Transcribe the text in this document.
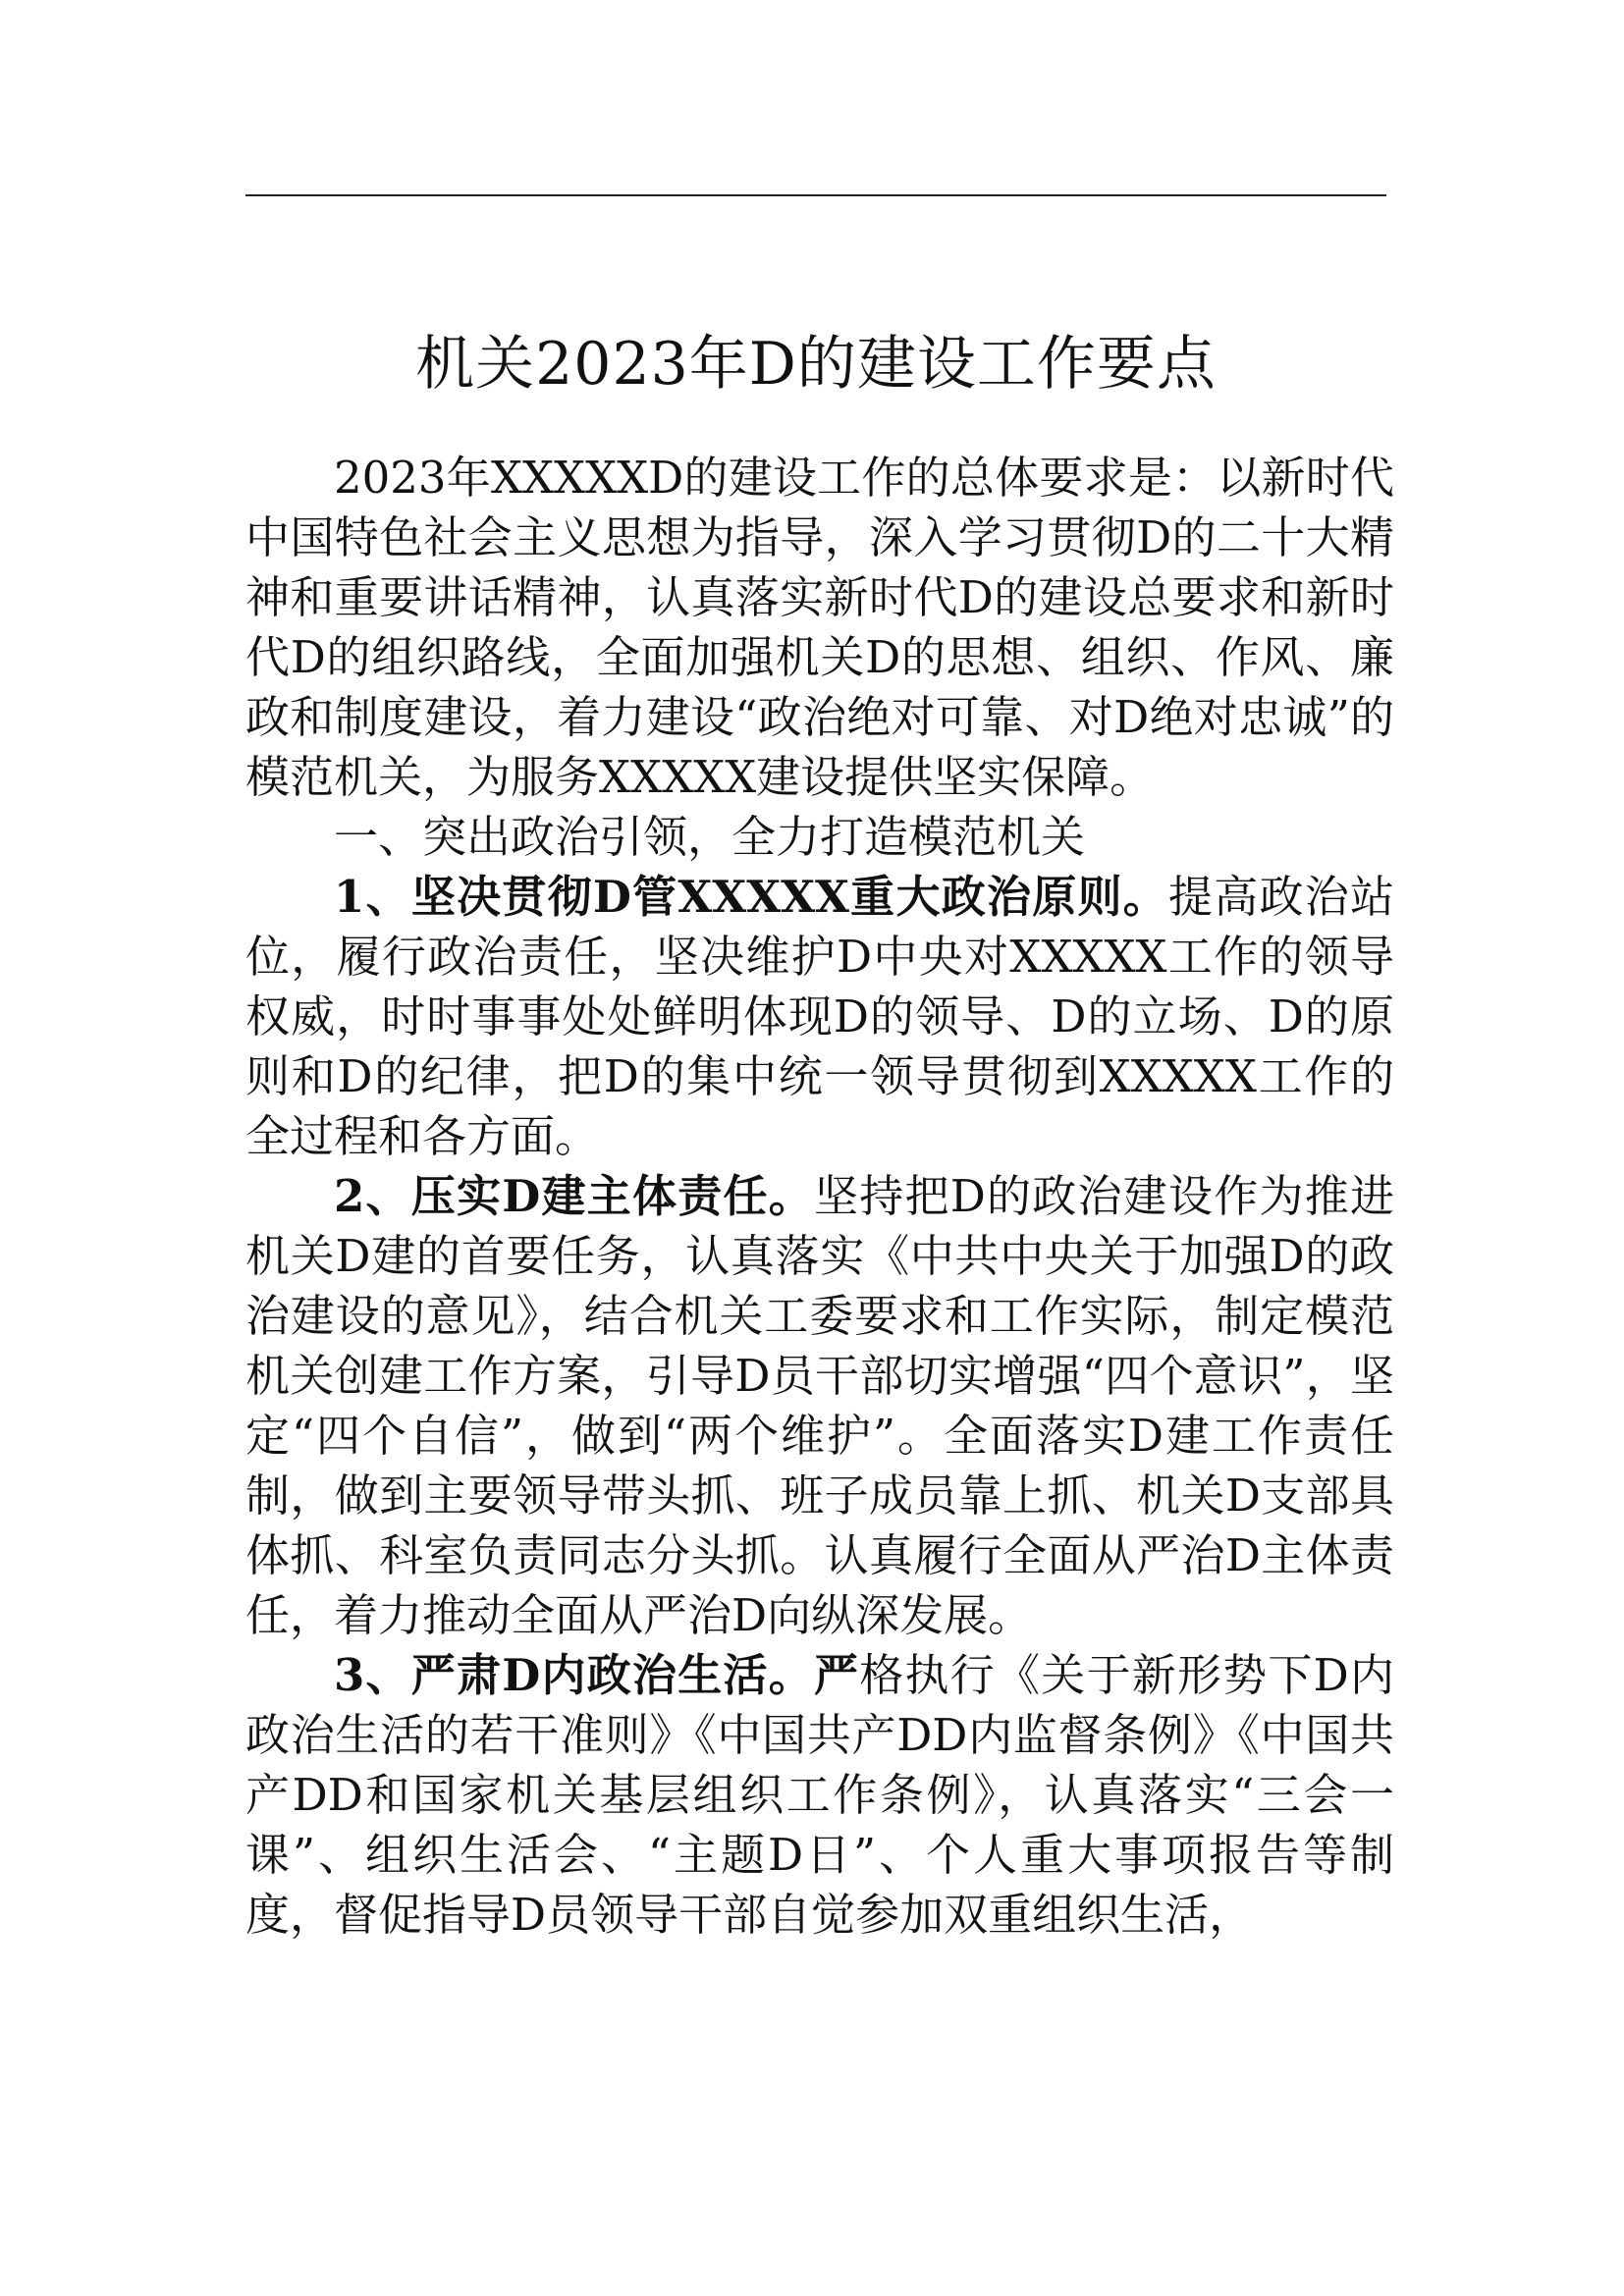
机关2023年D的建设工作要点

2023年XXXXXD的建设工作的总体要求是：以新时代中国特色社会主义思想为指导，深入学习贯彻D的二十大精神和重要讲话精神，认真落实新时代D的建设总要求和新时代D的组织路线，全面加强机关D的思想、组织、作风、廉政和制度建设，着力建设“政治绝对可靠、对D绝对忠诚”的模范机关，为服务XXXXX建设提供坚实保障。

一、突出政治引领，全力打造模范机关

1、坚决贯彻D管XXXXX重大政治原则。提高政治站位，履行政治责任，坚决维护D中央对XXXXX工作的领导权威，时时事事处处鲜明体现D的领导、D的立场、D的原则和D的纪律，把D的集中统一领导贯彻到XXXXX工作的全过程和各方面。

2、压实D建主体责任。坚持把D的政治建设作为推进机关D建的首要任务，认真落实《中共中央关于加强D的政治建设的意见》，结合机关工委要求和工作实际，制定模范机关创建工作方案，引导D员干部切实增强“四个意识”，坚定“四个自信”，做到“两个维护”。全面落实D建工作责任制，做到主要领导带头抓、班子成员靠上抓、机关D支部具体抓、科室负责同志分头抓。认真履行全面从严治D主体责任，着力推动全面从严治D向纵深发展。

3、严肃D内政治生活。严格执行《关于新形势下D内政治生活的若干准则》《中国共产DD内监督条例》《中国共产DD和国家机关基层组织工作条例》，认真落实“三会一课”、组织生活会、“主题D日”、个人重大事项报告等制度，督促指导D员领导干部自觉参加双重组织生活，
